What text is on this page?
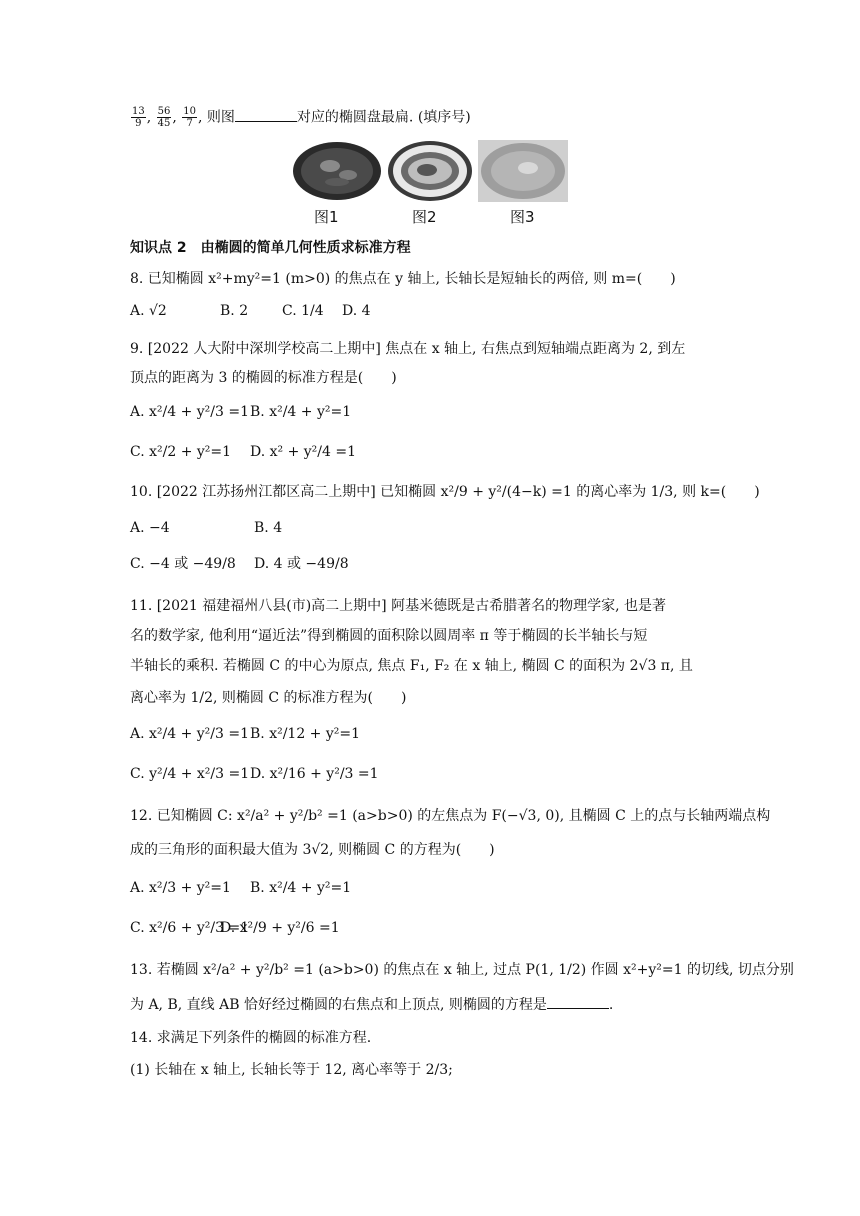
$\frac{13}{9}$ , $\frac{56}{45}$ , $\frac{10}{7}$ , 则图	对应的椭圆盘最扁. (填序号)
图1	图2	图3
知识点 2　由椭圆的简单几何性质求标准方程
8. 已知椭圆 x²+my²=1 (m>0) 的焦点在 y 轴上, 长轴长是短轴长的两倍, 则 m=(　　)
A. √2	B. 2 C. 1/4 D. 4
9. [2022 人大附中深圳学校高二上期中] 焦点在 x 轴上, 右焦点到短轴端点距离为 2, 到左
顶点的距离为 3 的椭圆的标准方程是(　　)
A. x²/4 + y²/3 =1 B. x²/4 + y²=1
C. x²/2 + y²=1 D. x² + y²/4 =1
10. [2022 江苏扬州江都区高二上期中] 已知椭圆 x²/9 + y²/(4−k) =1 的离心率为 1/3, 则 k=(　　)
A. −4	B. 4
C. −4 或 −49/8 D. 4 或 −49/8
11. [2021 福建福州八县(市)高二上期中] 阿基米德既是古希腊著名的物理学家, 也是著
名的数学家, 他利用“逼近法”得到椭圆的面积除以圆周率 π 等于椭圆的长半轴长与短
半轴长的乘积. 若椭圆 C 的中心为原点, 焦点 F₁, F₂ 在 x 轴上, 椭圆 C 的面积为 2√3 π, 且
离心率为 1/2, 则椭圆 C 的标准方程为(　　)
A. x²/4 + y²/3 =1 B. x²/12 + y²=1
C. y²/4 + x²/3 =1 D. x²/16 + y²/3 =1
12. 已知椭圆 C: x²/a² + y²/b² =1 (a>b>0) 的左焦点为 F(−√3, 0), 且椭圆 C 上的点与长轴两端点构
成的三角形的面积最大值为 3√2, 则椭圆 C 的方程为(　　)
A. x²/3 + y²=1 B. x²/4 + y²=1
C. x²/6 + y²/3 =1
D. x²/9 + y²/6 =1
13. 若椭圆 x²/a² + y²/b² =1 (a>b>0) 的焦点在 x 轴上, 过点 P(1, 1/2) 作圆 x²+y²=1 的切线, 切点分别
为 A, B, 直线 AB 恰好经过椭圆的右焦点和上顶点, 则椭圆的方程是	.
14. 求满足下列条件的椭圆的标准方程.
(1) 长轴在 x 轴上, 长轴长等于 12, 离心率等于 2/3;
